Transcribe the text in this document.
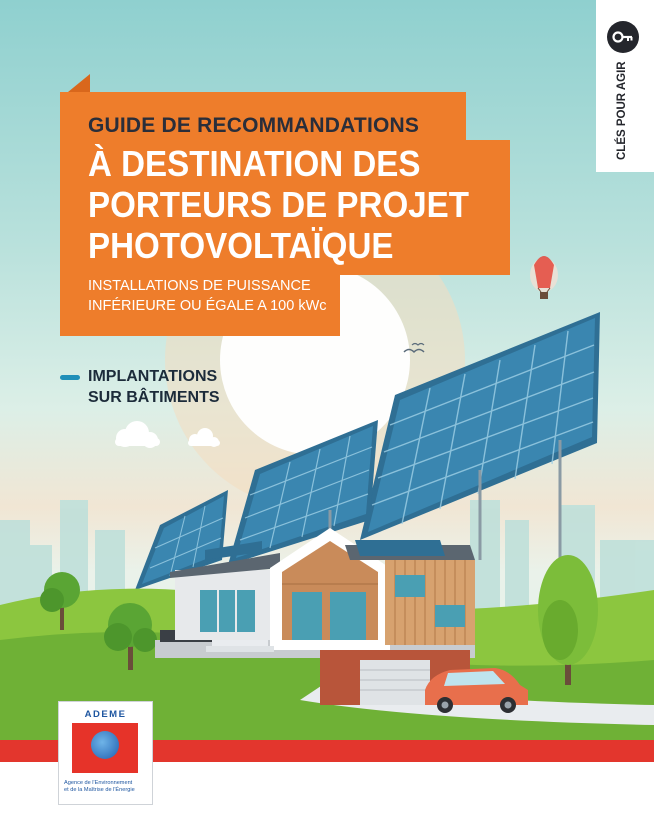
GUIDE DE RECOMMANDATIONS
À DESTINATION DES
PORTEURS DE PROJET
PHOTOVOLTAÏQUE
INSTALLATIONS DE PUISSANCE
INFÉRIEURE OU ÉGALE A 100 kWc
IMPLANTATIONS
SUR BÂTIMENTS
CLÉS POUR AGIR
ADEME
Agence de l'Environnement
et de la Maîtrise de l'Énergie
